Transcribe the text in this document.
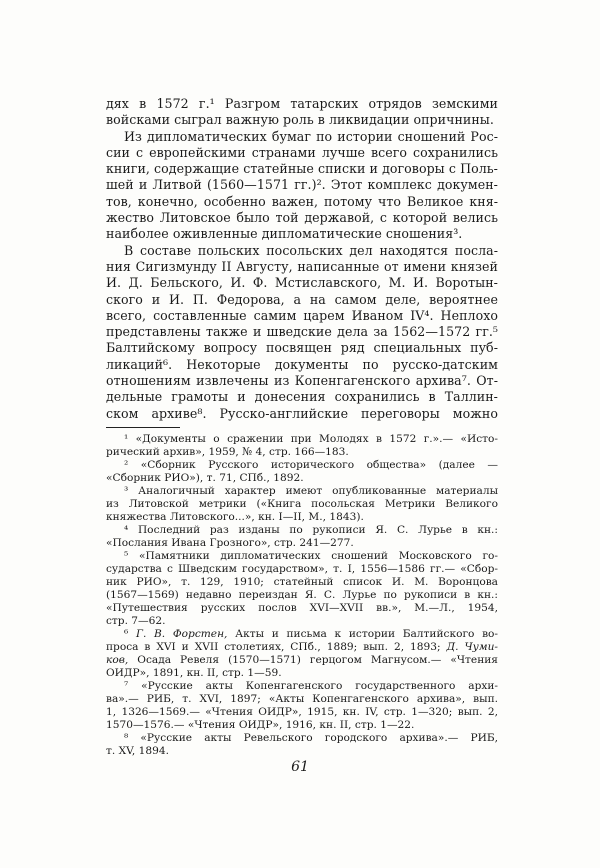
дях в 1572 г.¹ Разгром татарских отрядов земскими
войсками сыграл важную роль в ликвидации опричнины.
Из дипломатических бумаг по истории сношений Рос-
сии с европейскими странами лучше всего сохранились
книги, содержащие статейные списки и договоры с Поль-
шей и Литвой (1560—1571 гг.)². Этот комплекс докумен-
тов, конечно, особенно важен, потому что Великое кня-
жество Литовское было той державой, с которой велись
наиболее оживленные дипломатические сношения³.
В составе польских посольских дел находятся посла-
ния Сигизмунду II Августу, написанные от имени князей
И. Д. Бельского, И. Ф. Мстиславского, М. И. Воротын-
ского и И. П. Федорова, а на самом деле, вероятнее
всего, составленные самим царем Иваном IV⁴. Неплохо
представлены также и шведские дела за 1562—1572 гг.⁵
Балтийскому вопросу посвящен ряд специальных пуб-
ликаций⁶. Некоторые документы по русско-датским
отношениям извлечены из Копенгагенского архива⁷. От-
дельные грамоты и донесения сохранились в Таллин-
ском архиве⁸. Русско-английские переговоры можно
¹ «Документы о сражении при Молодях в 1572 г.».— «Исто-
рический архив», 1959, № 4, стр. 166—183.
² «Сборник Русского исторического общества» (далее —
«Сборник РИО»), т. 71, СПб., 1892.
³ Аналогичный характер имеют опубликованные материалы
из Литовской метрики («Книга посольская Метрики Великого
княжества Литовского...», кн. I—II, М., 1843).
⁴ Последний раз изданы по рукописи Я. С. Лурье в кн.:
«Послания Ивана Грозного», стр. 241—277.
⁵ «Памятники дипломатических сношений Московского го-
сударства с Шведским государством», т. I, 1556—1586 гг.— «Сбор-
ник РИО», т. 129, 1910; статейный список И. М. Воронцова
(1567—1569) недавно переиздан Я. С. Лурье по рукописи в кн.:
«Путешествия русских послов XVI—XVII вв.», М.—Л., 1954,
стр. 7—62.
⁶ Г. В. Форстен, Акты и письма к истории Балтийского во-
проса в XVI и XVII столетиях, СПб., 1889; вып. 2, 1893; Д. Чуми-
ков, Осада Ревеля (1570—1571) герцогом Магнусом.— «Чтения
ОИДР», 1891, кн. II, стр. 1—59.
⁷ «Русские акты Копенгагенского государственного архи-
ва».— РИБ, т. XVI, 1897; «Акты Копенгагенского архива», вып.
1, 1326—1569.— «Чтения ОИДР», 1915, кн. IV, стр. 1—320; вып. 2,
1570—1576.— «Чтения ОИДР», 1916, кн. II, стр. 1—22.
⁸ «Русские акты Ревельского городского архива».— РИБ,
т. XV, 1894.
61
